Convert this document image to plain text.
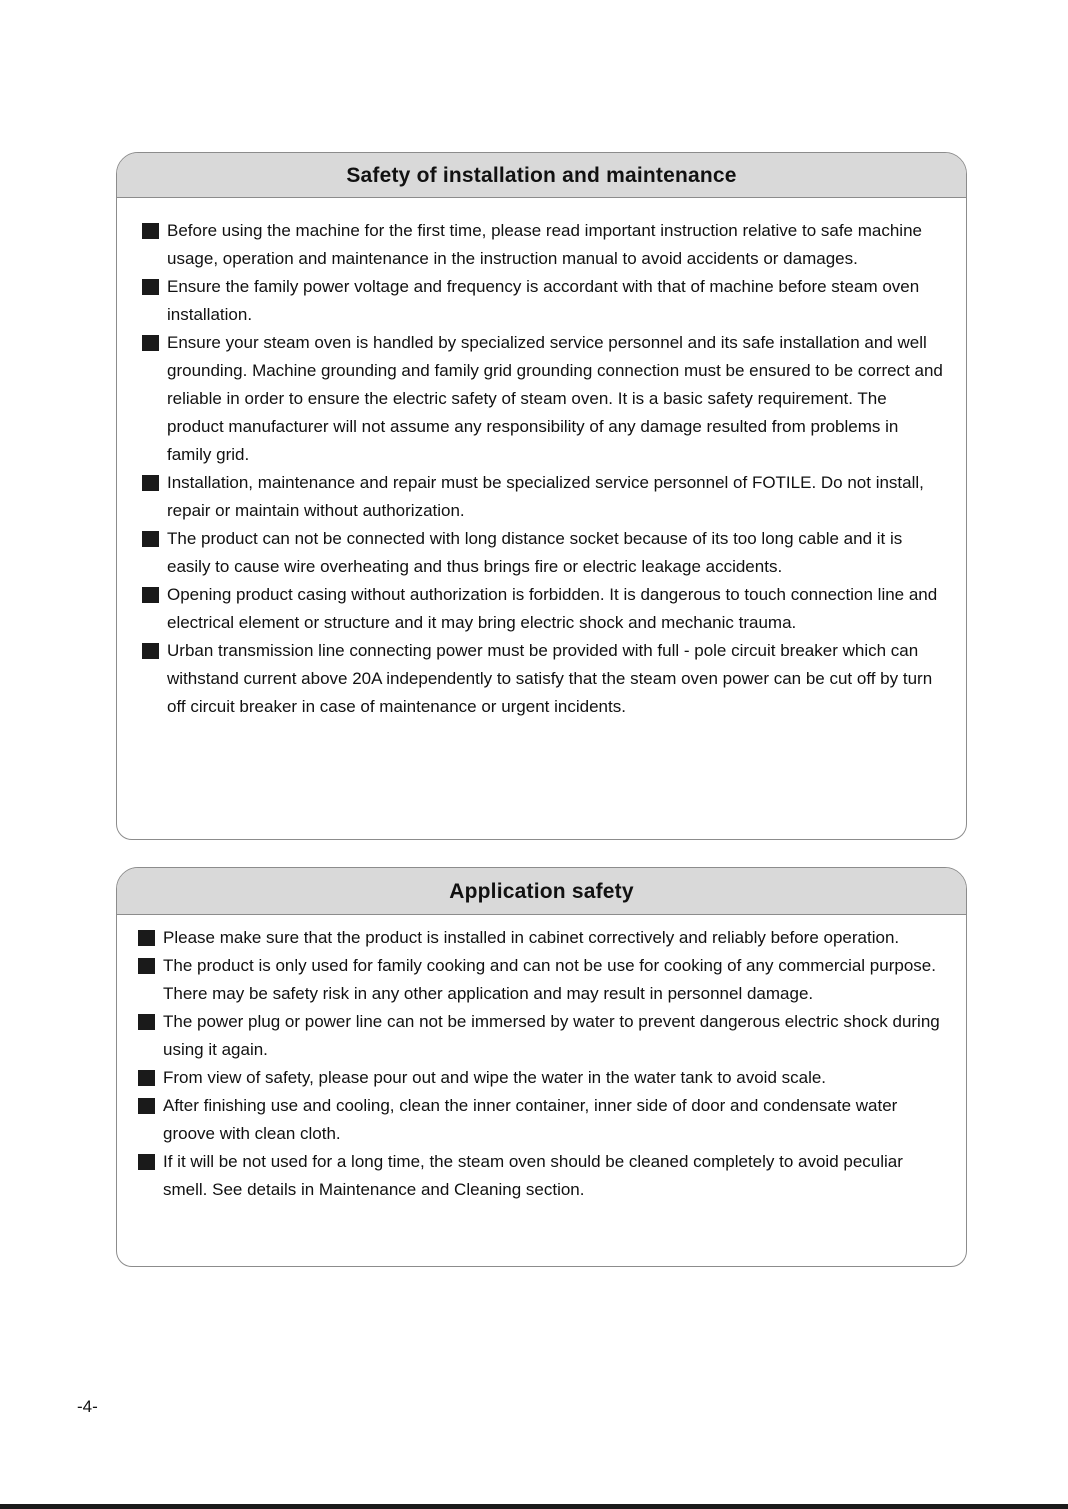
Safety of installation and maintenance
Before using the machine for the first time, please read important instruction relative to safe machine usage, operation and maintenance in the instruction manual to avoid accidents or damages.
Ensure the family power voltage and frequency is accordant with that of machine before steam oven installation.
Ensure your steam oven is handled by specialized service personnel and its safe installation and well grounding. Machine grounding and family grid grounding connection must be ensured to be correct and reliable in order to ensure the electric safety of steam oven. It is a basic safety requirement. The product manufacturer will not assume any responsibility of any damage resulted from problems in family grid.
Installation, maintenance and repair must be specialized service personnel of FOTILE. Do not install, repair or maintain without authorization.
The product can not be connected with long distance socket because of its too long cable and it is easily to cause wire overheating and thus brings fire or electric leakage accidents.
Opening product casing without authorization is forbidden. It is dangerous to touch connection line and electrical element or structure and it may bring electric shock and mechanic trauma.
Urban transmission line connecting power must be provided with full - pole circuit breaker which can withstand current above 20A independently to satisfy that the steam oven power can be cut off by turn off circuit breaker in case of maintenance or urgent incidents.
Application safety
Please make sure that the product is installed in cabinet correctively and reliably before operation.
The product is only used for family cooking and can not be use for cooking of any commercial purpose. There may be safety risk in any other application and may result in personnel damage.
The power plug or power line can not be immersed by water to prevent dangerous electric shock during using it again.
From view of safety, please pour out and wipe the water in the water tank to avoid scale.
After finishing use and cooling, clean the inner container, inner side of door and condensate water groove with clean cloth.
If it will be not used for a long time, the steam oven should be cleaned completely to avoid peculiar smell. See details in Maintenance and Cleaning section.
-4-
